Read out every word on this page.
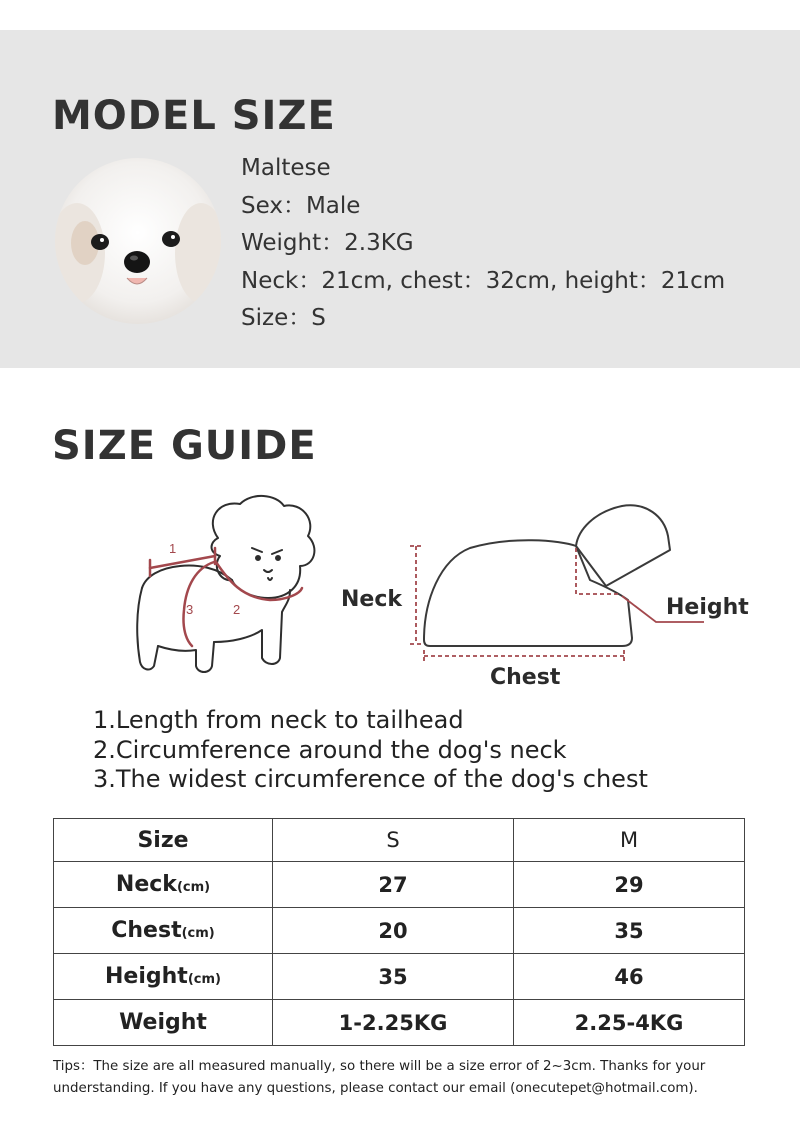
MODEL SIZE
Maltese
Sex：Male
Weight：2.3KG
Neck：21cm, chest：32cm, height：21cm
Size：S
SIZE GUIDE
1
2
3	Neck	Height
Chest
1.Length from neck to tailhead
2.Circumference around the dog's neck
3.The widest circumference of the dog's chest
Size	S	M
Neck(cm)	27	29
Chest(cm)	20	35
Height(cm)	35	46
Weight	1-2.25KG	2.25-4KG
Tips：The size are all measured manually, so there will be a size error of 2~3cm. Thanks for your understanding. If you have any questions, please contact our email (onecutepet@hotmail.com).
